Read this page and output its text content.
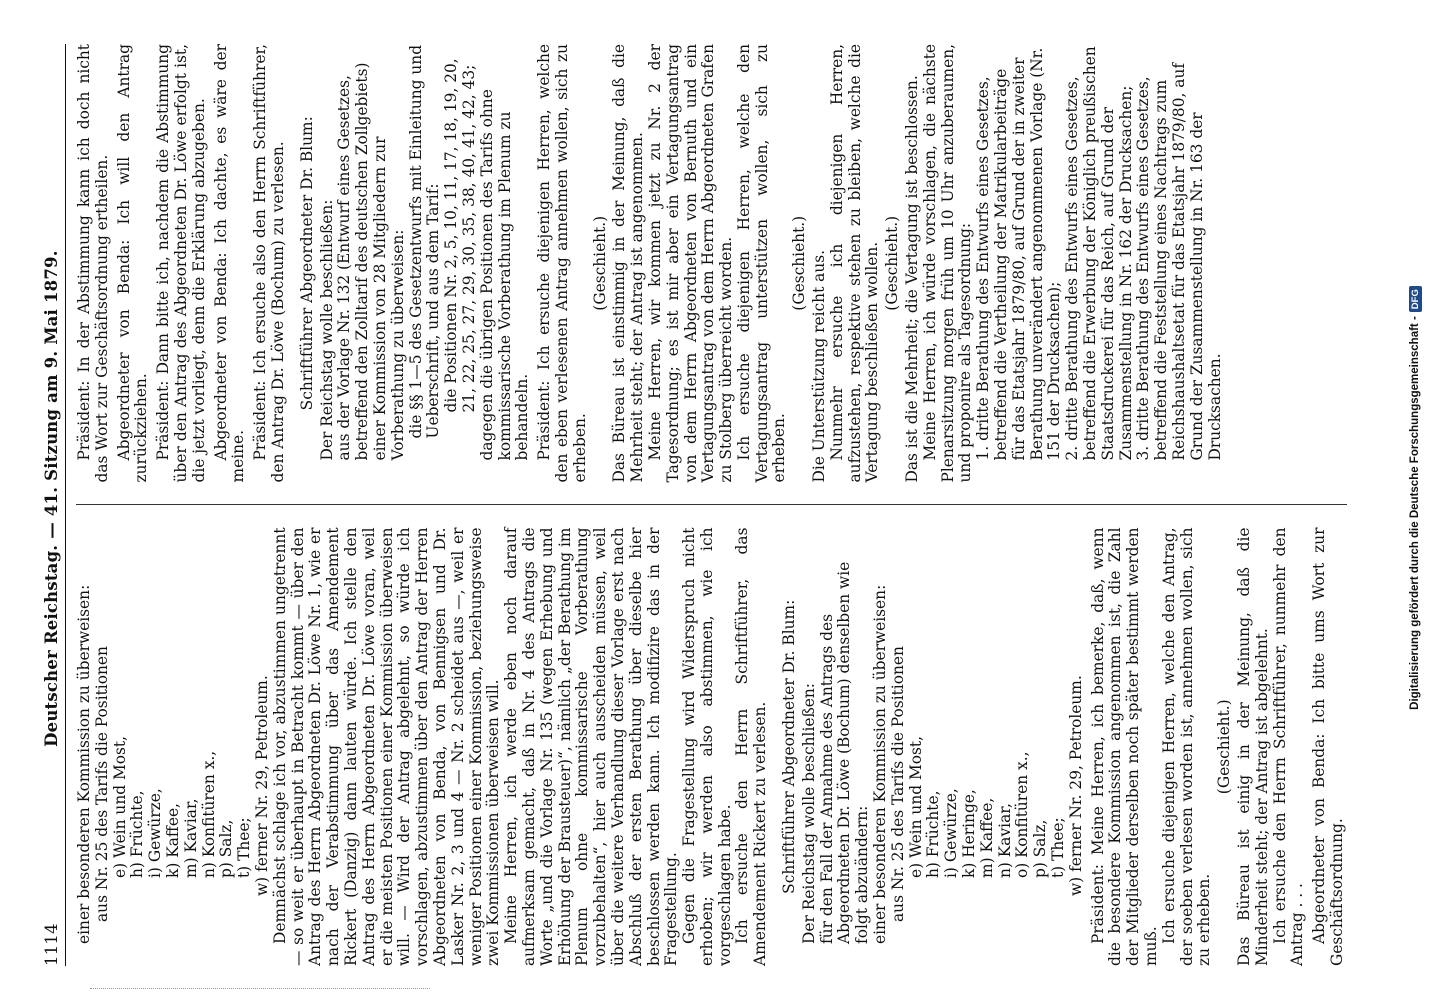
1114
Deutscher Reichstag. — 41. Sitzung am 9. Mai 1879.

einer besonderen Kommission zu überweisen: aus Nr. 25 des Tarifs die Positionen e) Wein und Most, h) Früchte, i) Gewürze, k) Kaffee, m) Kaviar, n) Konfitüren x., p) Salz, t) Thee; w) ferner Nr. 29, Petroleum. Demnächst schlage ich vor, abzustimmen ungetrennt — so weit er überhaupt in Betracht kommt — über den Antrag des Herrn Abgeordneten Dr. Löwe Nr. 1, wie er nach der Verabstimmung über das Amendement Rickert (Danzig) dann lauten würde. Ich stelle den Antrag des Herrn Abgeordneten Dr. Löwe voran, weil er die meisten Positionen einer Kommission überweisen will. — Wird der Antrag abgelehnt, so würde ich vorschlagen, abzustimmen über den Antrag der Herren Abgeordneten von Benda, von Bennigsen und Dr. Lasker Nr. 2, 3 und 4 — Nr. 2 scheidet aus —, weil er weniger Positionen einer Kommission, beziehungsweise zwei Kommissionen überweisen will. Meine Herren, ich werde eben noch darauf aufmerksam gemacht, daß in Nr. 4 des Antrags die Worte „und die Vorlage Nr. 135 (wegen Erhebung und Erhöhung der Brausteuer)“, nämlich „der Berathung im Plenum ohne kommissarische Vorberathung vorzubehalten“, hier auch ausscheiden müssen, weil über die weitere Verhandlung dieser Vorlage erst nach Abschluß der ersten Berathung über dieselbe hier beschlossen werden kann. Ich modifizire das in der Fragestellung. Gegen die Fragestellung wird Widerspruch nicht erhoben; wir werden also abstimmen, wie ich vorgeschlagen habe. Ich ersuche den Herrn Schriftführer, das Amendement Rickert zu verlesen. Schriftführer Abgeordneter Dr. Blum: Der Reichstag wolle beschließen: für den Fall der Annahme des Antrags des Abgeordneten Dr. Löwe (Bochum) denselben wie folgt abzuändern: einer besonderen Kommission zu überweisen: aus Nr. 25 des Tarifs die Positionen e) Wein und Most, h) Früchte, i) Gewürze, k) Heringe, m) Kaffee, n) Kaviar, o) Konfitüren x., p) Salz, t) Thee; w) ferner Nr. 29, Petroleum. Präsident: Meine Herren, ich bemerke, daß, wenn die besondere Kommission angenommen ist, die Zahl der Mitglieder derselben noch später bestimmt werden muß.

Ich ersuche diejenigen Herren, welche den Antrag, der soeben verlesen worden ist, annehmen wollen, sich zu erheben.

(Geschieht.) Das Büreau ist einig in der Meinung, daß die Minderheit steht; der Antrag ist abgelehnt. Ich ersuche den Herrn Schriftführer, nunmehr den Antrag . . . Abgeordneter von Benda: Ich bitte ums Wort zur Geschäftsordnung.

Präsident: In der Abstimmung kann ich doch nicht das Wort zur Geschäftsordnung ertheilen. Abgeordneter von Benda: Ich will den Antrag zurückziehen. Präsident: Dann bitte ich, nachdem die Abstimmung über den Antrag des Abgeordneten Dr. Löwe erfolgt ist, die jetzt vorliegt, denn die Erklärung abzugeben. Abgeordneter von Benda: Ich dachte, es wäre der meine. Präsident: Ich ersuche also den Herrn Schriftführer, den Antrag Dr. Löwe (Bochum) zu verlesen. Schriftführer Abgeordneter Dr. Blum: Der Reichstag wolle beschließen: aus der Vorlage Nr. 132 (Entwurf eines Gesetzes, betreffend den Zolltarif des deutschen Zollgebiets) einer Kommission von 28 Mitgliedern zur Vorberathung zu überweisen: die §§ 1—5 des Gesetzentwurfs mit Einleitung und Ueberschrift, und aus dem Tarif: die Positionen Nr. 2, 5, 10, 11, 17, 18, 19, 20, 21, 22, 25, 27, 29, 30, 35, 38, 40, 41, 42, 43; dagegen die übrigen Positionen des Tarifs ohne kommissarische Vorberathung im Plenum zu behandeln. Präsident: Ich ersuche diejenigen Herren, welche den eben verlesenen Antrag annehmen wollen, sich zu erheben.

(Geschieht.) Das Büreau ist einstimmig in der Meinung, daß die Mehrheit steht; der Antrag ist angenommen. Meine Herren, wir kommen jetzt zu Nr. 2 der Tagesordnung; es ist mir aber ein Vertagungsantrag von dem Herrn Abgeordneten von Bernuth und ein Vertagungsantrag von dem Herrn Abgeordneten Grafen zu Stolberg überreicht worden. Ich ersuche diejenigen Herren, welche den Vertagungsantrag unterstützen wollen, sich zu erheben.

(Geschieht.) Die Unterstützung reicht aus. Nunmehr ersuche ich diejenigen Herren, aufzustehen, respektive stehen zu bleiben, welche die Vertagung beschließen wollen. (Geschieht.) Das ist die Mehrheit; die Vertagung ist beschlossen. Meine Herren, ich würde vorschlagen, die nächste Plenarsitzung morgen früh um 10 Uhr anzuberaumen, und proponire als Tagesordnung: 1. dritte Berathung des Entwurfs eines Gesetzes, betreffend die Vertheilung der Matrikularbeiträge für das Etatsjahr 1879/80, auf Grund der in zweiter Berathung unverändert angenommenen Vorlage (Nr. 151 der Drucksachen); 2. dritte Berathung des Entwurfs eines Gesetzes, betreffend die Erwerbung der Königlich preußischen Staatsdruckerei für das Reich, auf Grund der Zusammenstellung in Nr. 162 der Drucksachen; 3. dritte Berathung des Entwurfs eines Gesetzes, betreffend die Feststellung eines Nachtrags zum Reichshaushaltsetat für das Etatsjahr 1879/80, auf Grund der Zusammenstellung in Nr. 163 der Drucksachen.	Digitalisierung gefördert durch die Deutsche Forschungsgemeinschaft -
DFG
